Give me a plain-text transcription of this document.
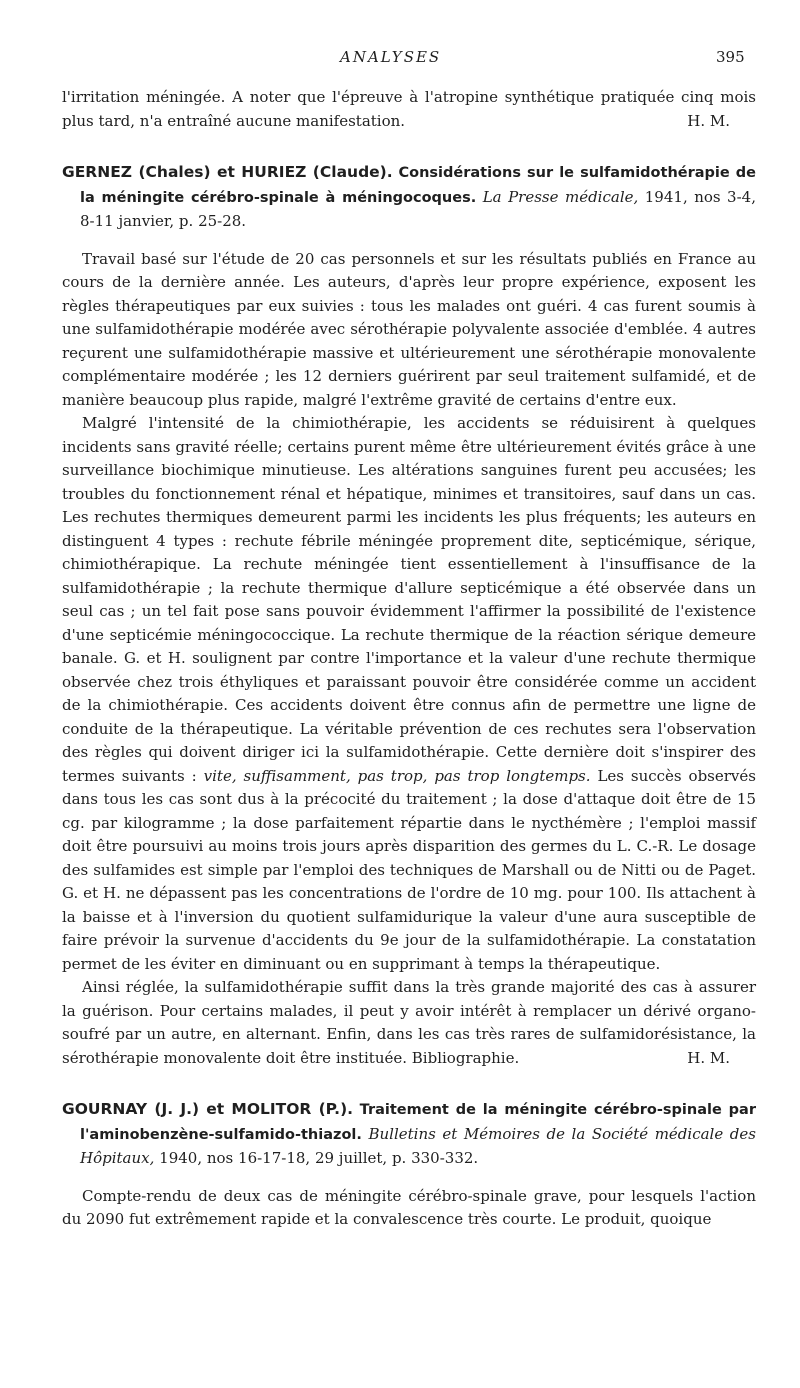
ANALYSES	395

l'irritation méningée. A noter que l'épreuve à l'atropine synthétique pratiquée cinq mois plus tard, n'a entraîné aucune manifestation.	H. M.

GERNEZ (Chales) et HURIEZ (Claude). Considérations sur le sulfamidothérapie de la méningite cérébro-spinale à méningocoques. La Presse médicale, 1941, nos 3-4, 8-11 janvier, p. 25-28.

Travail basé sur l'étude de 20 cas personnels et sur les résultats publiés en France au cours de la dernière année. Les auteurs, d'après leur propre expérience, exposent les règles thérapeutiques par eux suivies : tous les malades ont guéri. 4 cas furent soumis à une sulfamidothérapie modérée avec sérothérapie polyvalente associée d'emblée. 4 autres reçurent une sulfamidothérapie massive et ultérieurement une sérothérapie monovalente complémentaire modérée ; les 12 derniers guérirent par seul traitement sulfamidé, et de manière beaucoup plus rapide, malgré l'extrême gravité de certains d'entre eux.

Malgré l'intensité de la chimiothérapie, les accidents se réduisirent à quelques incidents sans gravité réelle; certains purent même être ultérieurement évités grâce à une surveillance biochimique minutieuse. Les altérations sanguines furent peu accusées; les troubles du fonctionnement rénal et hépatique, minimes et transitoires, sauf dans un cas. Les rechutes thermiques demeurent parmi les incidents les plus fréquents; les auteurs en distinguent 4 types : rechute fébrile méningée proprement dite, septicémique, sérique, chimiothérapique. La rechute méningée tient essentiellement à l'insuffisance de la sulfamidothérapie ; la rechute thermique d'allure septicémique a été observée dans un seul cas ; un tel fait pose sans pouvoir évidemment l'affirmer la possibilité de l'existence d'une septicémie méningococcique. La rechute thermique de la réaction sérique demeure banale. G. et H. soulignent par contre l'importance et la valeur d'une rechute thermique observée chez trois éthyliques et paraissant pouvoir être considérée comme un accident de la chimiothérapie. Ces accidents doivent être connus afin de permettre une ligne de conduite de la thérapeutique. La véritable prévention de ces rechutes sera l'observation des règles qui doivent diriger ici la sulfamidothérapie. Cette dernière doit s'inspirer des termes suivants : vite, suffisamment, pas trop, pas trop longtemps. Les succès observés dans tous les cas sont dus à la précocité du traitement ; la dose d'attaque doit être de 15 cg. par kilogramme ; la dose parfaitement répartie dans le nycthémère ; l'emploi massif doit être poursuivi au moins trois jours après disparition des germes du L. C.-R. Le dosage des sulfamides est simple par l'emploi des techniques de Marshall ou de Nitti ou de Paget. G. et H. ne dépassent pas les concentrations de l'ordre de 10 mg. pour 100. Ils attachent à la baisse et à l'inversion du quotient sulfamidurique la valeur d'une aura susceptible de faire prévoir la survenue d'accidents du 9e jour de la sulfamidothérapie. La constatation permet de les éviter en diminuant ou en supprimant à temps la thérapeutique.

Ainsi réglée, la sulfamidothérapie suffit dans la très grande majorité des cas à assurer la guérison. Pour certains malades, il peut y avoir intérêt à remplacer un dérivé organo-soufré par un autre, en alternant. Enfin, dans les cas très rares de sulfamidorésistance, la sérothérapie monovalente doit être instituée. Bibliographie.	H. M.

GOURNAY (J. J.) et MOLITOR (P.). Traitement de la méningite cérébro-spinale par l'aminobenzène-sulfamido-thiazol. Bulletins et Mémoires de la Société médicale des Hôpitaux, 1940, nos 16-17-18, 29 juillet, p. 330-332.

Compte-rendu de deux cas de méningite cérébro-spinale grave, pour lesquels l'action du 2090 fut extrêmement rapide et la convalescence très courte. Le produit, quoique
